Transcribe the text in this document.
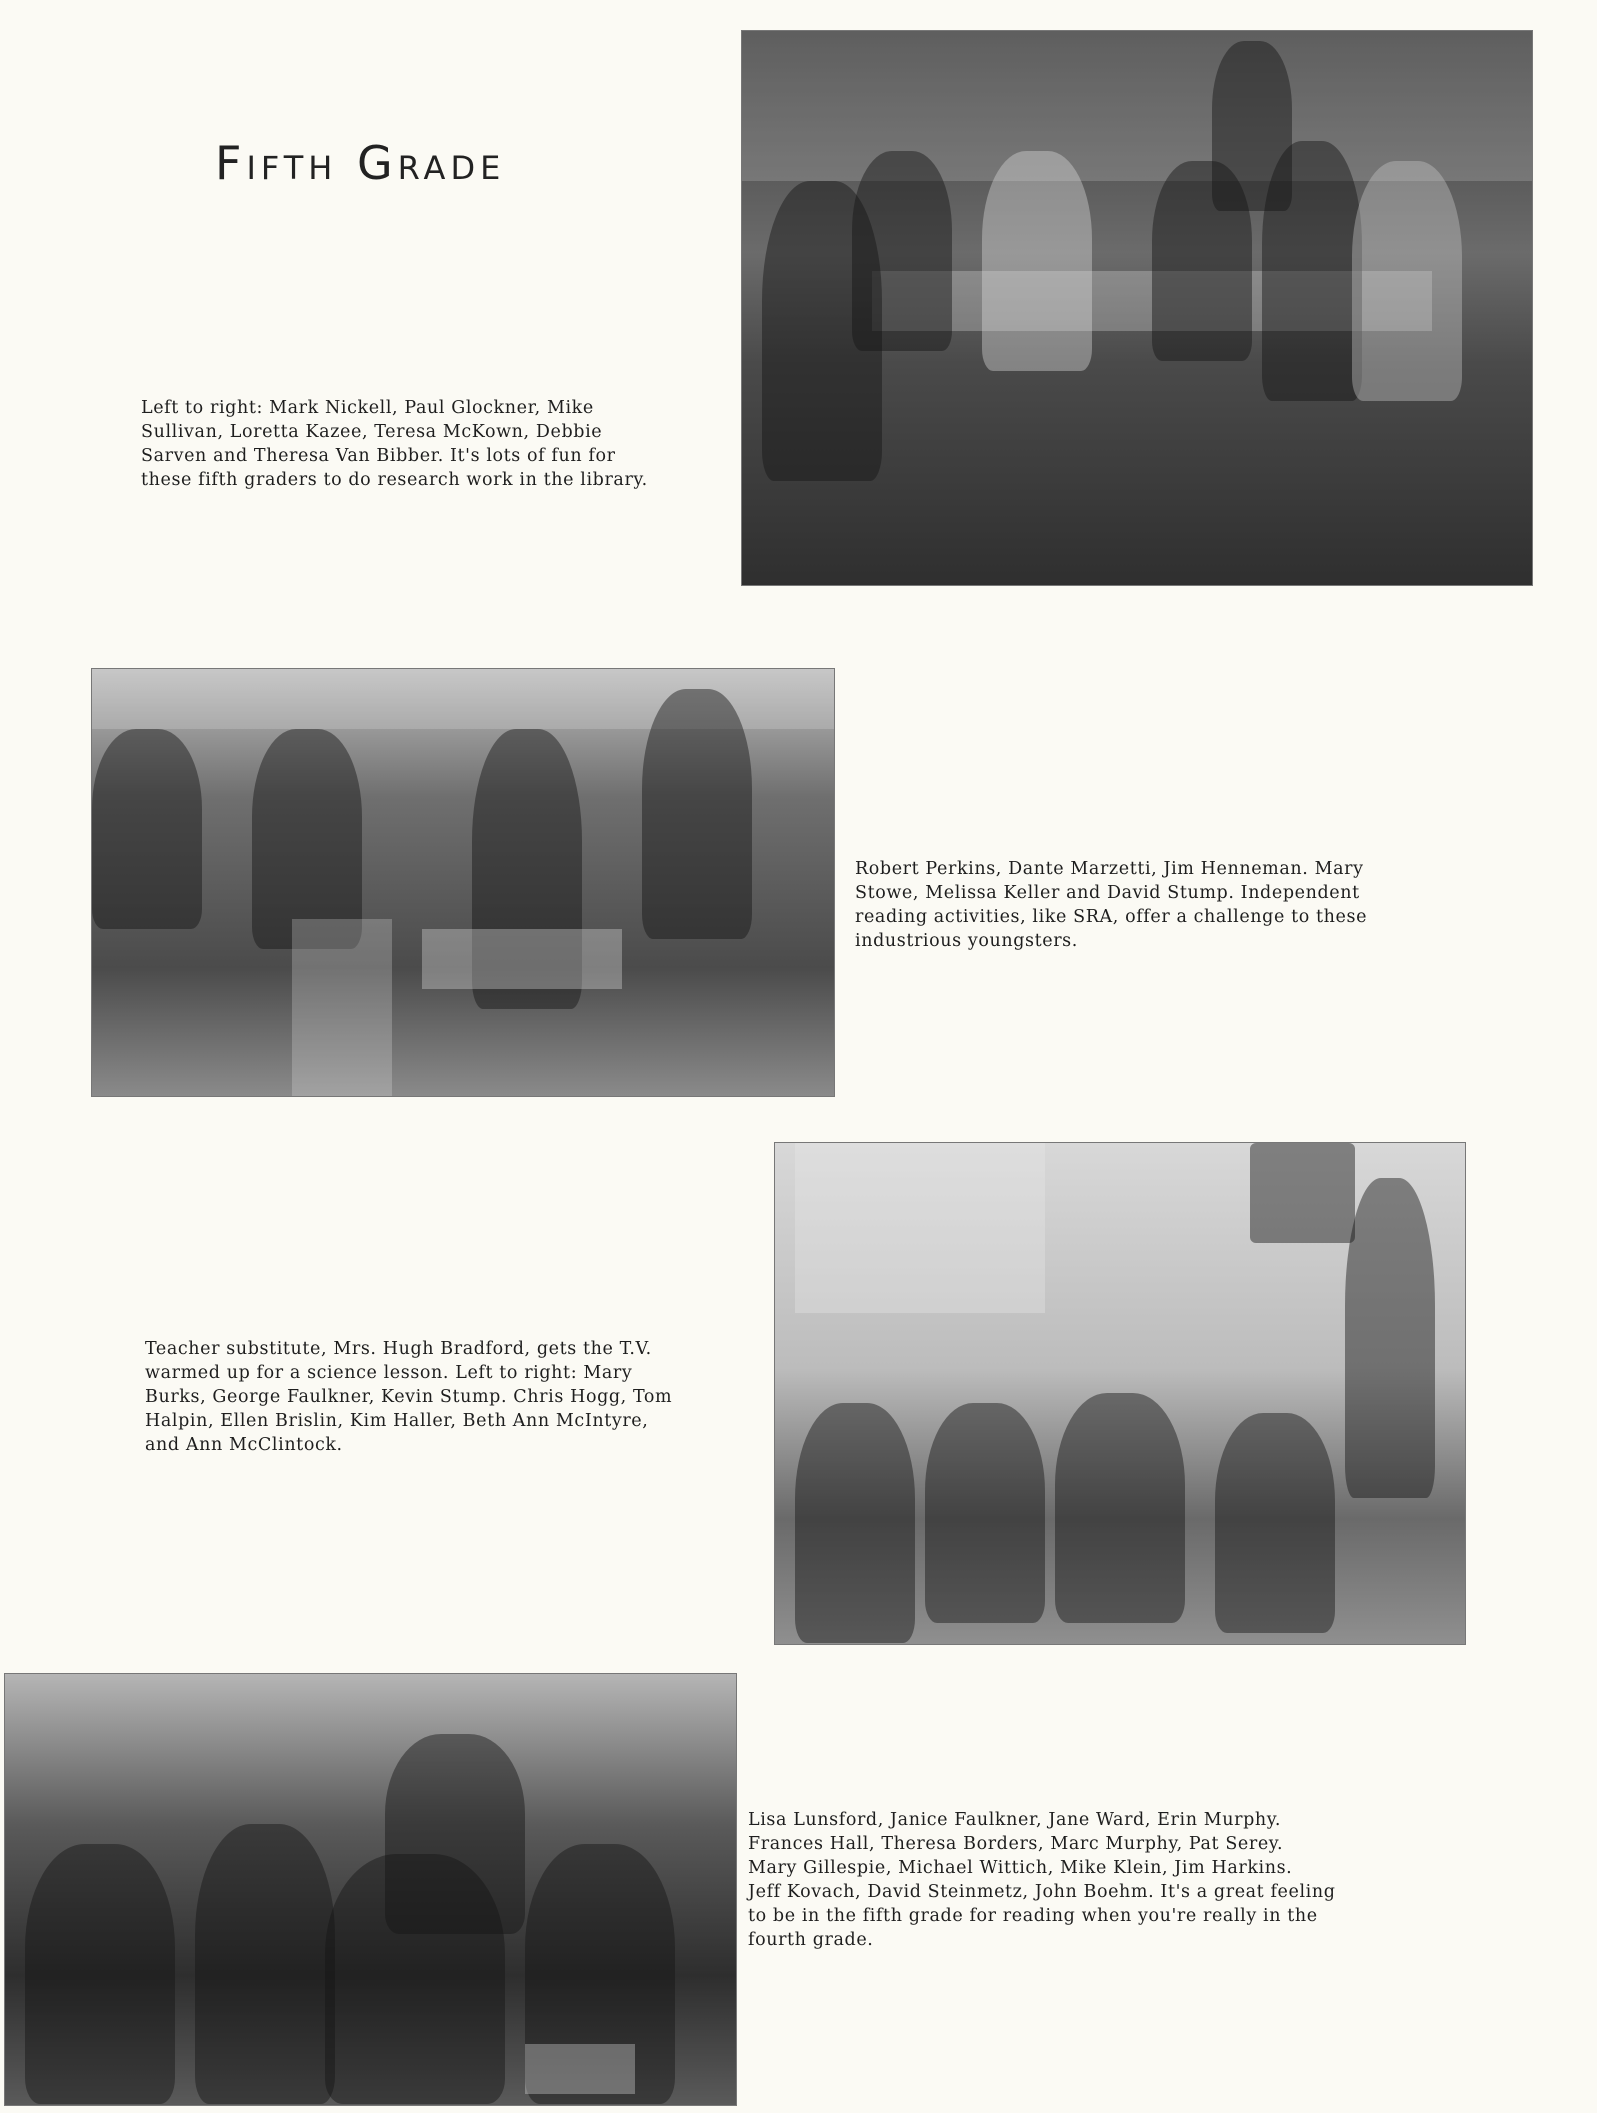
Fifth Grade
Left to right: Mark Nickell, Paul Glockner, Mike
Sullivan, Loretta Kazee, Teresa McKown, Debbie
Sarven and Theresa Van Bibber. It's lots of fun for
these fifth graders to do research work in the library.
Robert Perkins, Dante Marzetti, Jim Henneman. Mary
Stowe, Melissa Keller and David Stump. Independent
reading activities, like SRA, offer a challenge to these
industrious youngsters.
Teacher substitute, Mrs. Hugh Bradford, gets the T.V.
warmed up for a science lesson. Left to right: Mary
Burks, George Faulkner, Kevin Stump. Chris Hogg, Tom
Halpin, Ellen Brislin, Kim Haller, Beth Ann McIntyre,
and Ann McClintock.
Lisa Lunsford, Janice Faulkner, Jane Ward, Erin Murphy.
Frances Hall, Theresa Borders, Marc Murphy, Pat Serey.
Mary Gillespie, Michael Wittich, Mike Klein, Jim Harkins.
Jeff Kovach, David Steinmetz, John Boehm. It's a great feeling
to be in the fifth grade for reading when you're really in the
fourth grade.
